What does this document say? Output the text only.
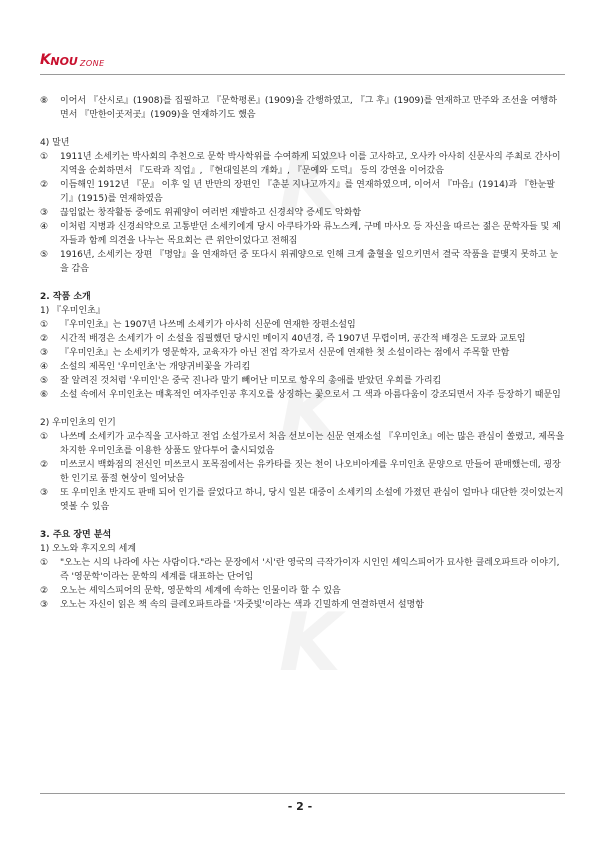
K NOU ZONE
K
K
K

⑧ 이어서 『산시로』(1908)를 집필하고 『문학평론』(1909)을 간행하였고, 『그 후』(1909)를 연재하고 만주와 조선을 여행하면서 『만한이곳저곳』(1909)을 연재하기도 했음

4) 말년

① 1911년 소세키는 박사회의 추천으로 문학 박사학위를 수여하게 되었으나 이를 고사하고, 오사카 아사히 신문사의 주최로 간사이 지역을 순회하면서 『도락과 직업』, 『현대일본의 개화』, 『문예와 도덕』 등의 강연을 이어갔음

② 이듬해인 1912년 『문』 이후 일 년 반만의 장편인 『춘분 지나고까지』를 연재하였으며, 이어서 『마음』(1914)과 『한눈팔기』(1915)를 연재하였음

③ 끊임없는 창작활동 중에도 위궤양이 여러번 재발하고 신경쇠약 증세도 악화함

④ 이처럼 지병과 신경쇠약으로 고통받던 소세키에게 당시 아쿠타가와 류노스케, 구메 마사오 등 자신을 따르는 젊은 문학자들 및 제자들과 함께 의견을 나누는 목요회는 큰 위안이었다고 전해짐

⑤ 1916년, 소세키는 장편 『명암』을 연재하던 중 또다시 위궤양으로 인해 크게 출혈을 일으키면서 결국 작품을 끝맺지 못하고 눈을 감음

2. 작품 소개

1) 『우미인초』

① 『우미인초』는 1907년 나쓰메 소세키가 아사히 신문에 연재한 장편소설임

② 시간적 배경은 소세키가 이 소설을 집필했던 당시인 메이지 40년경, 즉 1907년 무렵이며, 공간적 배경은 도쿄와 교토임

③ 『우미인초』는 소세키가 영문학자, 교육자가 아닌 전업 작가로서 신문에 연재한 첫 소설이라는 점에서 주목할 만함

④ 소설의 제목인 '우미인초'는 개양귀비꽃을 가리킴

⑤ 잘 알려진 것처럼 '우미인'은 중국 진나라 말기 빼어난 미모로 항우의 총애를 받았던 우희를 가리킴

⑥ 소설 속에서 우미인초는 매혹적인 여자주인공 후지오를 상징하는 꽃으로서 그 색과 아름다움이 강조되면서 자주 등장하기 때문임

2) 우미인초의 인기

① 나쓰메 소세키가 교수직을 고사하고 전업 소설가로서 처음 선보이는 신문 연재소설 『우미인초』에는 많은 관심이 쏠렸고, 제목을 차지한 우미인초를 이용한 상품도 앞다투어 출시되었음

② 미쓰코시 백화점의 전신인 미쓰코시 포목점에서는 유카타를 짓는 천이 나오비아게를 우미인초 문양으로 만들어 판매했는데, 굉장한 인기로 품절 현상이 일어났음

③ 또 우미인초 반지도 판매 되어 인기를 끌었다고 하니, 당시 일본 대중이 소세키의 소설에 가졌던 관심이 얼마나 대단한 것이었는지 엿볼 수 있음

3. 주요 장면 분석

1) 오노와 후지오의 세계

① "오노는 시의 나라에 사는 사람이다."라는 문장에서 '시'란 영국의 극작가이자 시인인 셰익스피어가 묘사한 클레오파트라 이야기, 즉 '영문학'이라는 문학의 세계를 대표하는 단어임

② 오노는 셰익스피어의 문학, 영문학의 세계에 속하는 인물이라 할 수 있음

③ 오노는 자신이 읽은 책 속의 클레오파트라를 '자줏빛'이라는 색과 긴밀하게 연결하면서 설명함

- 2 -
